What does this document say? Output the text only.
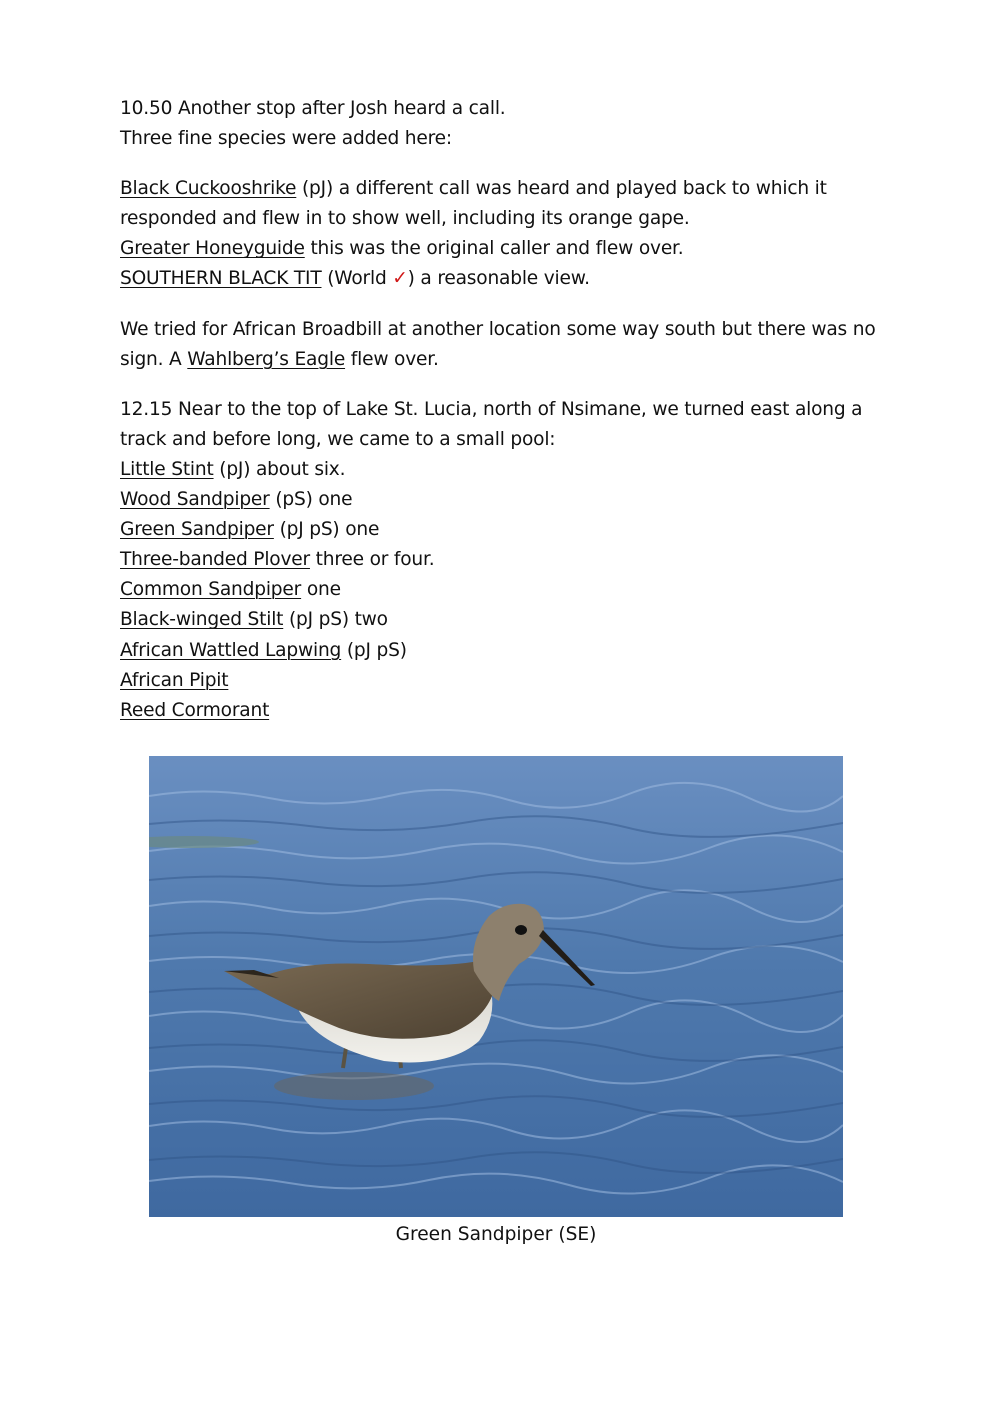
10.50 Another stop after Josh heard a call.
Three fine species were added here:

Black Cuckooshrike (pJ) a different call was heard and played back to which it responded and flew in to show well, including its orange gape.
Greater Honeyguide this was the original caller and flew over.
SOUTHERN BLACK TIT (World ✓) a reasonable view.

We tried for African Broadbill at another location some way south but there was no sign. A Wahlberg’s Eagle flew over.

12.15 Near to the top of Lake St. Lucia, north of Nsimane, we turned east along a track and before long, we came to a small pool:
Little Stint (pJ) about six.
Wood Sandpiper (pS) one
Green Sandpiper (pJ pS) one
Three-banded Plover three or four.
Common Sandpiper one
Black-winged Stilt (pJ pS) two
African Wattled Lapwing (pJ pS)
African Pipit
Reed Cormorant

Green Sandpiper (SE)
